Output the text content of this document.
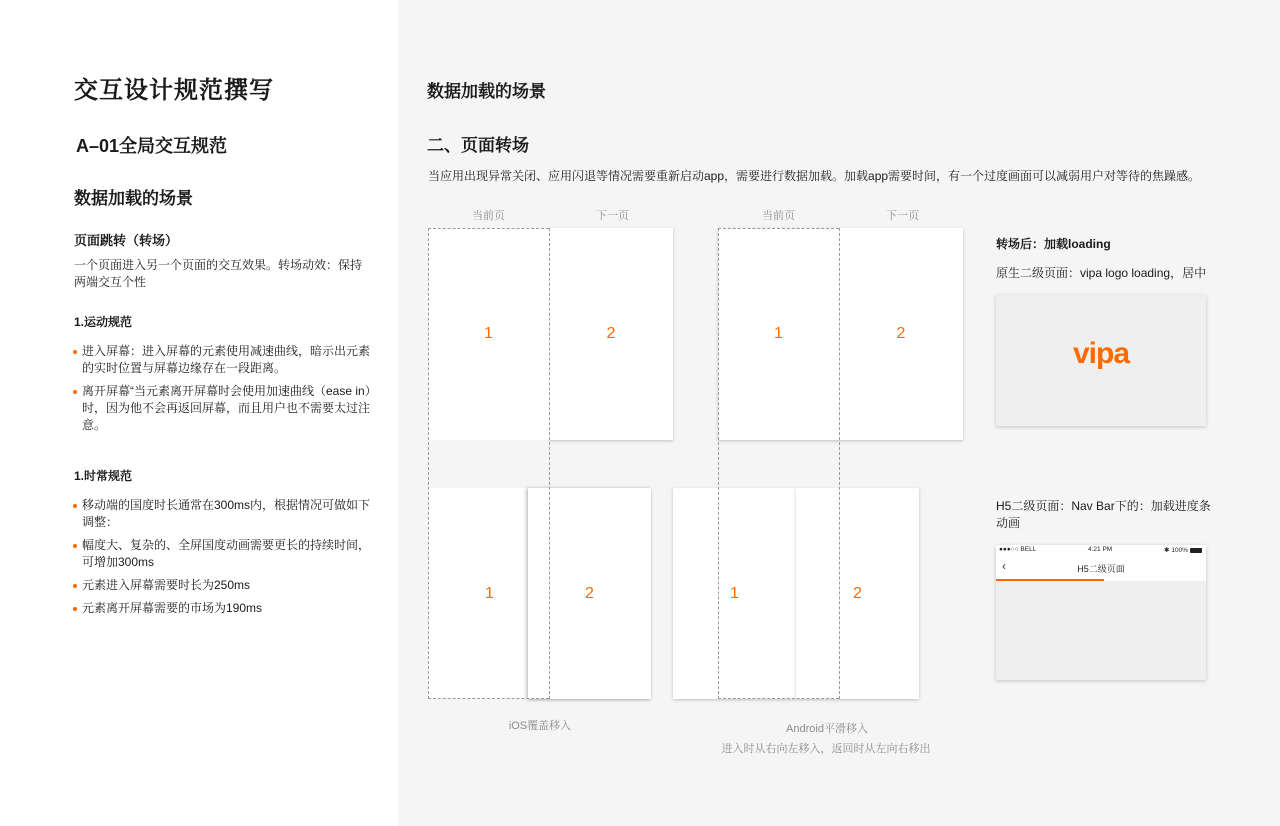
交互设计规范撰写
A–01全局交互规范
数据加载的场景
页面跳转（转场）
一个页面进入另一个页面的交互效果。转场动效：保持两端交互个性
1.运动规范
进入屏幕：进入屏幕的元素使用减速曲线，暗示出元素的实时位置与屏幕边缘存在一段距离。
离开屏幕“当元素离开屏幕时会使用加速曲线（ease in）时，因为他不会再返回屏幕，而且用户也不需要太过注意。
1.时常规范
移动端的国度时长通常在300ms内，根据情况可做如下调整：
幅度大、复杂的、全屏国度动画需要更长的持续时间，可增加300ms
元素进入屏幕需要时长为250ms
元素离开屏幕需要的市场为190ms
数据加载的场景
二、页面转场
当应用出现异常关闭、应用闪退等情况需要重新启动app，需要进行数据加载。加载app需要时间，有一个过度画面可以减弱用户对等待的焦躁感。
当前页	下一页
2
1
1	2
iOS覆盖移入
当前页	下一页
1	2
1	2
Android平滑移入
进入时从右向左移入，返回时从左向右移出
转场后：加载loading
原生二级页面：vipa logo loading，居中
vipa
H5二级页面：Nav Bar下的：加载进度条动画
●●●○○ BELL	4:21 PM	✱ 100%
‹	H5二级页面
